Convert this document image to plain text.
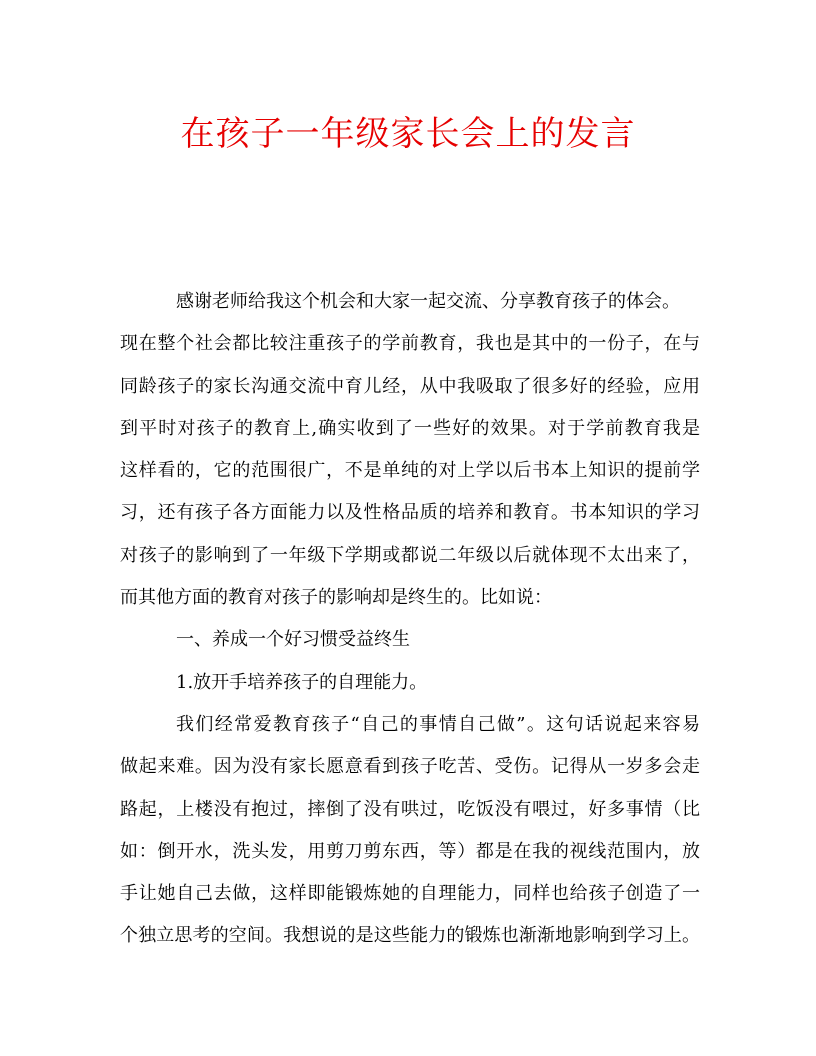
在孩子一年级家长会上的发言
感谢老师给我这个机会和大家一起交流、分享教育孩子的体会。
现在整个社会都比较注重孩子的学前教育，我也是其中的一份子，在与
同龄孩子的家长沟通交流中育儿经，从中我吸取了很多好的经验，应用
到平时对孩子的教育上,确实收到了一些好的效果。对于学前教育我是
这样看的，它的范围很广，不是单纯的对上学以后书本上知识的提前学
习，还有孩子各方面能力以及性格品质的培养和教育。书本知识的学习
对孩子的影响到了一年级下学期或都说二年级以后就体现不太出来了，
而其他方面的教育对孩子的影响却是终生的。比如说：
一、养成一个好习惯受益终生
1.放开手培养孩子的自理能力。
我们经常爱教育孩子“自己的事情自己做”。这句话说起来容易
做起来难。因为没有家长愿意看到孩子吃苦、受伤。记得从一岁多会走
路起，上楼没有抱过，摔倒了没有哄过，吃饭没有喂过，好多事情（比
如：倒开水，洗头发，用剪刀剪东西，等）都是在我的视线范围内，放
手让她自己去做，这样即能锻炼她的自理能力，同样也给孩子创造了一
个独立思考的空间。我想说的是这些能力的锻炼也渐渐地影响到学习上。
